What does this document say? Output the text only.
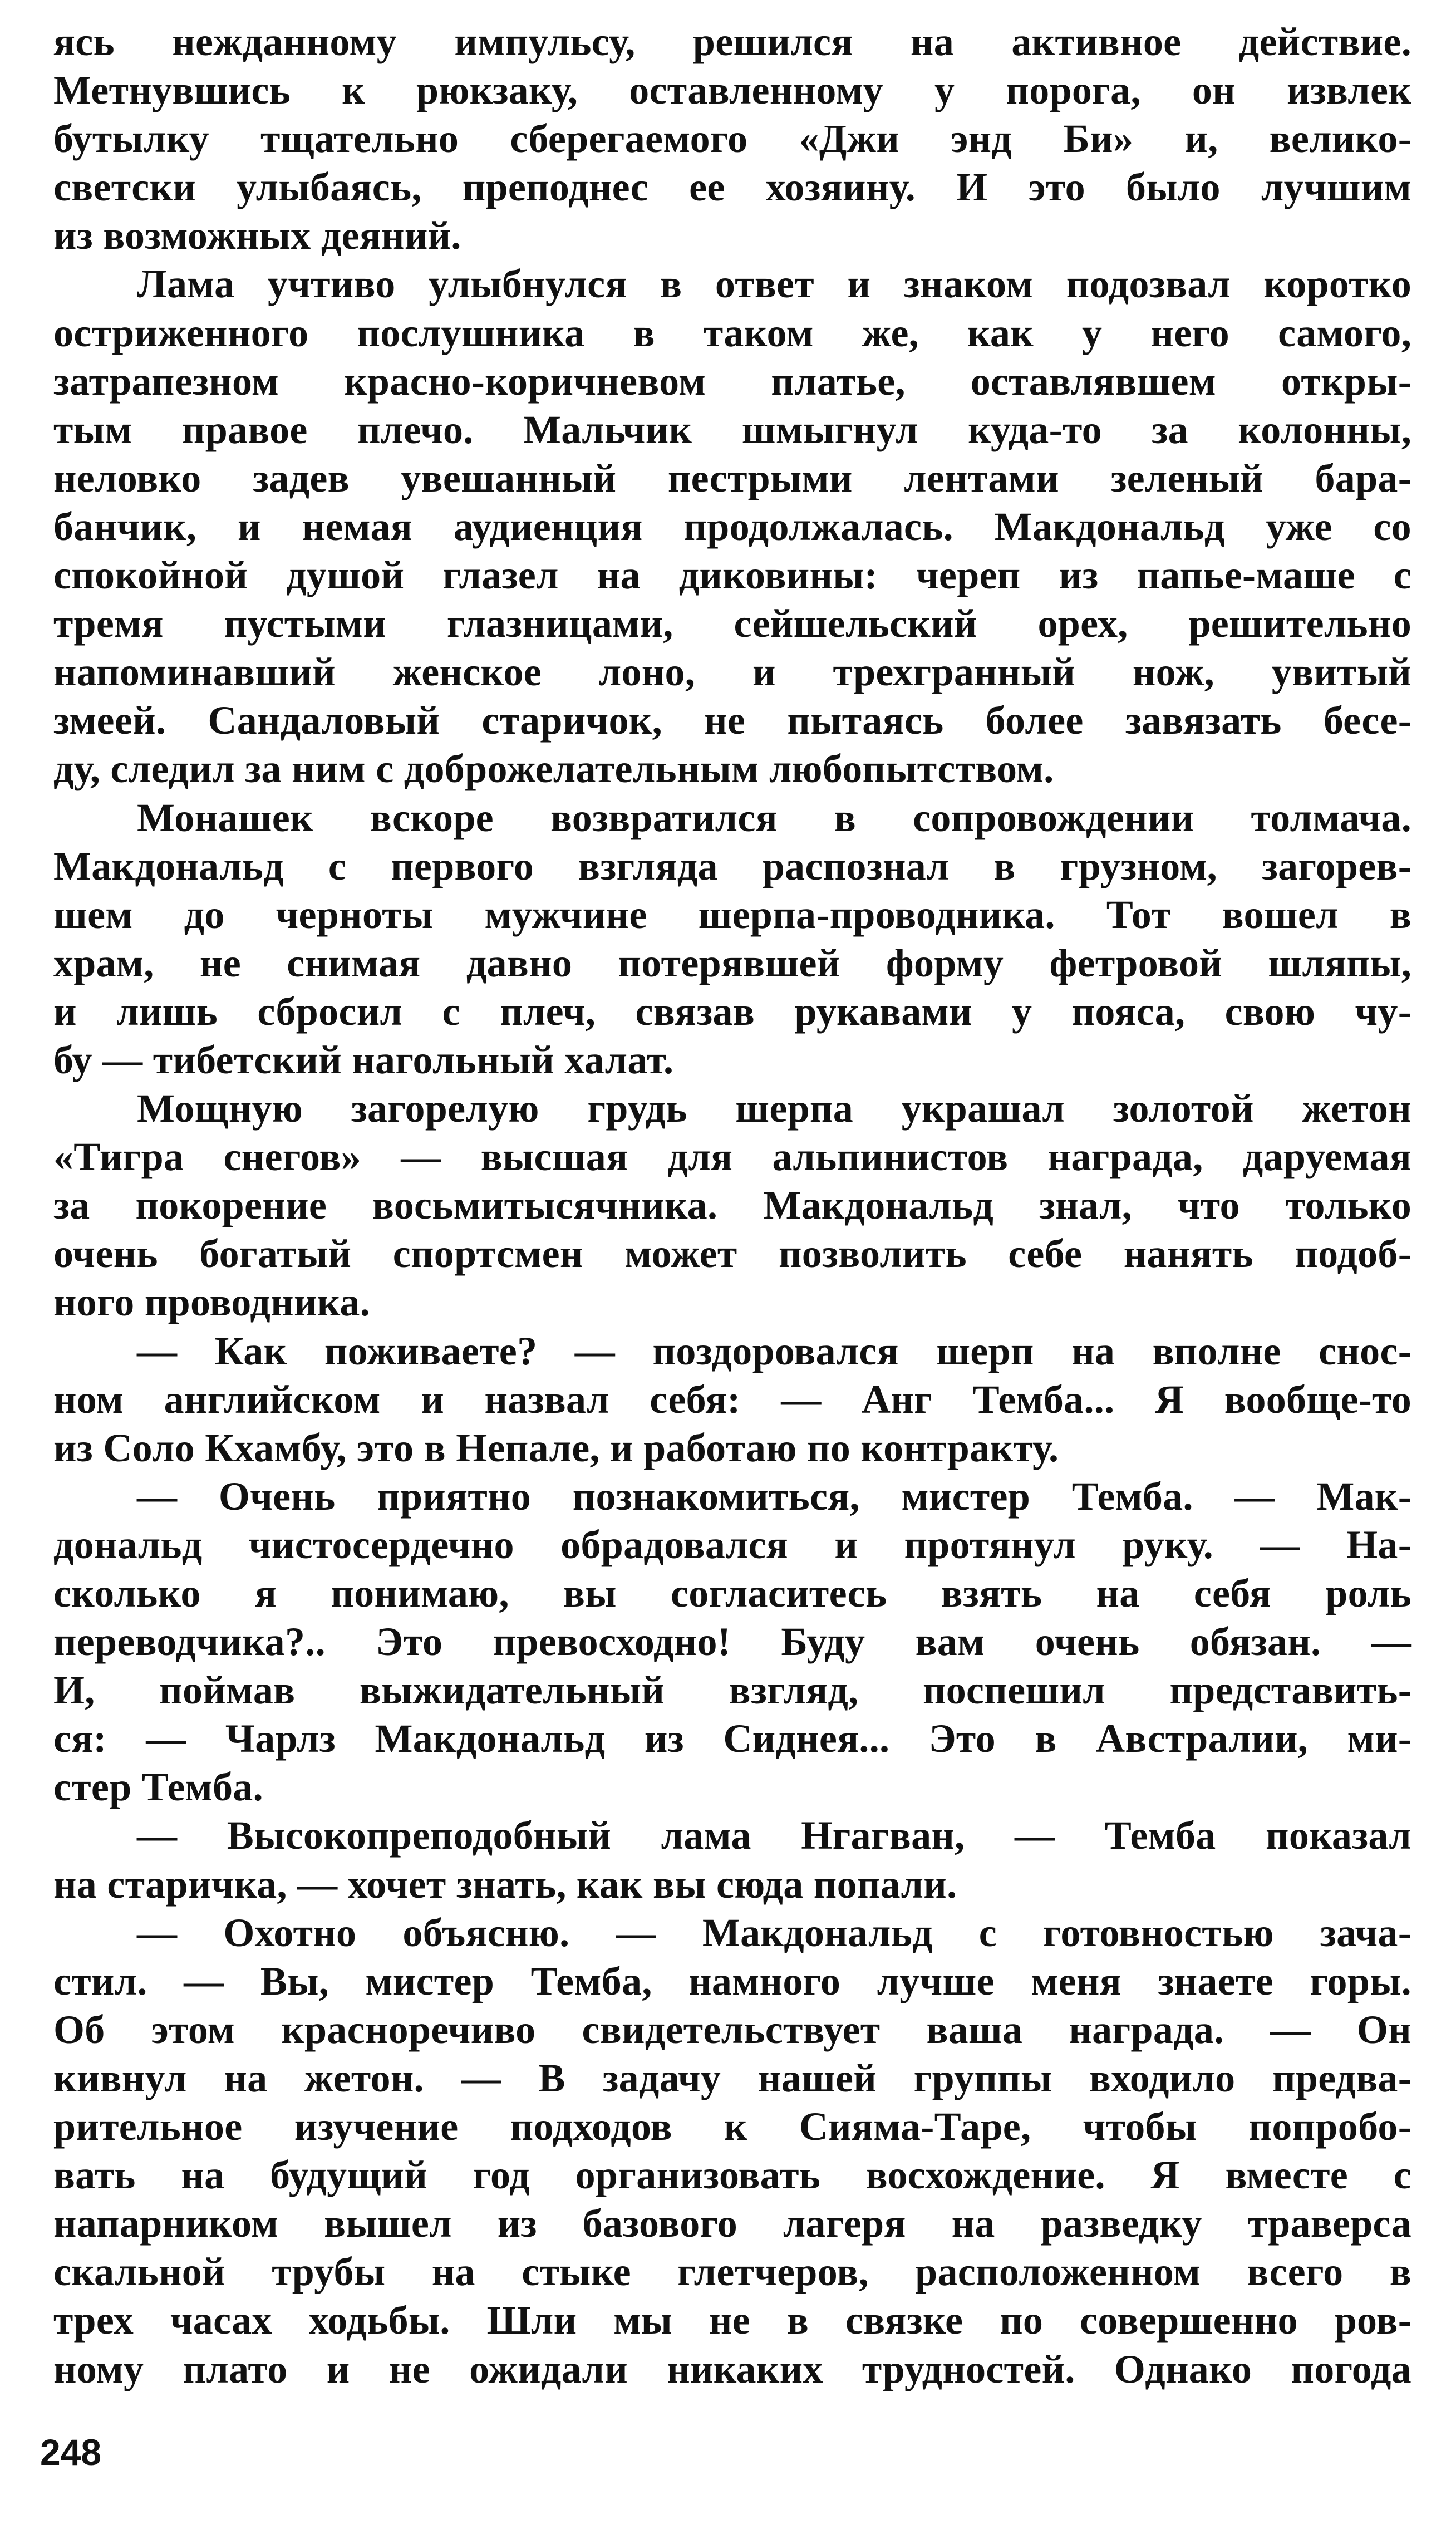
ясь нежданному импульсу, решился на активное действие.
Метнувшись к рюкзаку, оставленному у порога, он извлек
бутылку тщательно сберегаемого «Джи энд Би» и, велико-
светски улыбаясь, преподнес ее хозяину. И это было лучшим
из возможных деяний.
Лама учтиво улыбнулся в ответ и знаком подозвал коротко
остриженного послушника в таком же, как у него самого,
затрапезном красно-коричневом платье, оставлявшем откры-
тым правое плечо. Мальчик шмыгнул куда-то за колонны,
неловко задев увешанный пестрыми лентами зеленый бара-
банчик, и немая аудиенция продолжалась. Макдональд уже со
спокойной душой глазел на диковины: череп из папье-маше с
тремя пустыми глазницами, сейшельский орех, решительно
напоминавший женское лоно, и трехгранный нож, увитый
змеей. Сандаловый старичок, не пытаясь более завязать бесе-
ду, следил за ним с доброжелательным любопытством.
Монашек вскоре возвратился в сопровождении толмача.
Макдональд с первого взгляда распознал в грузном, загорев-
шем до черноты мужчине шерпа-проводника. Тот вошел в
храм, не снимая давно потерявшей форму фетровой шляпы,
и лишь сбросил с плеч, связав рукавами у пояса, свою чу-
бу — тибетский нагольный халат.
Мощную загорелую грудь шерпа украшал золотой жетон
«Тигра снегов» — высшая для альпинистов награда, даруемая
за покорение восьмитысячника. Макдональд знал, что только
очень богатый спортсмен может позволить себе нанять подоб-
ного проводника.
— Как поживаете? — поздоровался шерп на вполне снос-
ном английском и назвал себя: — Анг Темба... Я вообще-то
из Соло Кхамбу, это в Непале, и работаю по контракту.
— Очень приятно познакомиться, мистер Темба. — Мак-
дональд чистосердечно обрадовался и протянул руку. — На-
сколько я понимаю, вы согласитесь взять на себя роль
переводчика?.. Это превосходно! Буду вам очень обязан. —
И, поймав выжидательный взгляд, поспешил представить-
ся: — Чарлз Макдональд из Сиднея... Это в Австралии, ми-
стер Темба.
— Высокопреподобный лама Нгагван, — Темба показал
на старичка, — хочет знать, как вы сюда попали.
— Охотно объясню. — Макдональд с готовностью зача-
стил. — Вы, мистер Темба, намного лучше меня знаете горы.
Об этом красноречиво свидетельствует ваша награда. — Он
кивнул на жетон. — В задачу нашей группы входило предва-
рительное изучение подходов к Сияма-Таре, чтобы попробо-
вать на будущий год организовать восхождение. Я вместе с
напарником вышел из базового лагеря на разведку траверса
скальной трубы на стыке глетчеров, расположенном всего в
трех часах ходьбы. Шли мы не в связке по совершенно ров-
ному плато и не ожидали никаких трудностей. Однако погода
248
